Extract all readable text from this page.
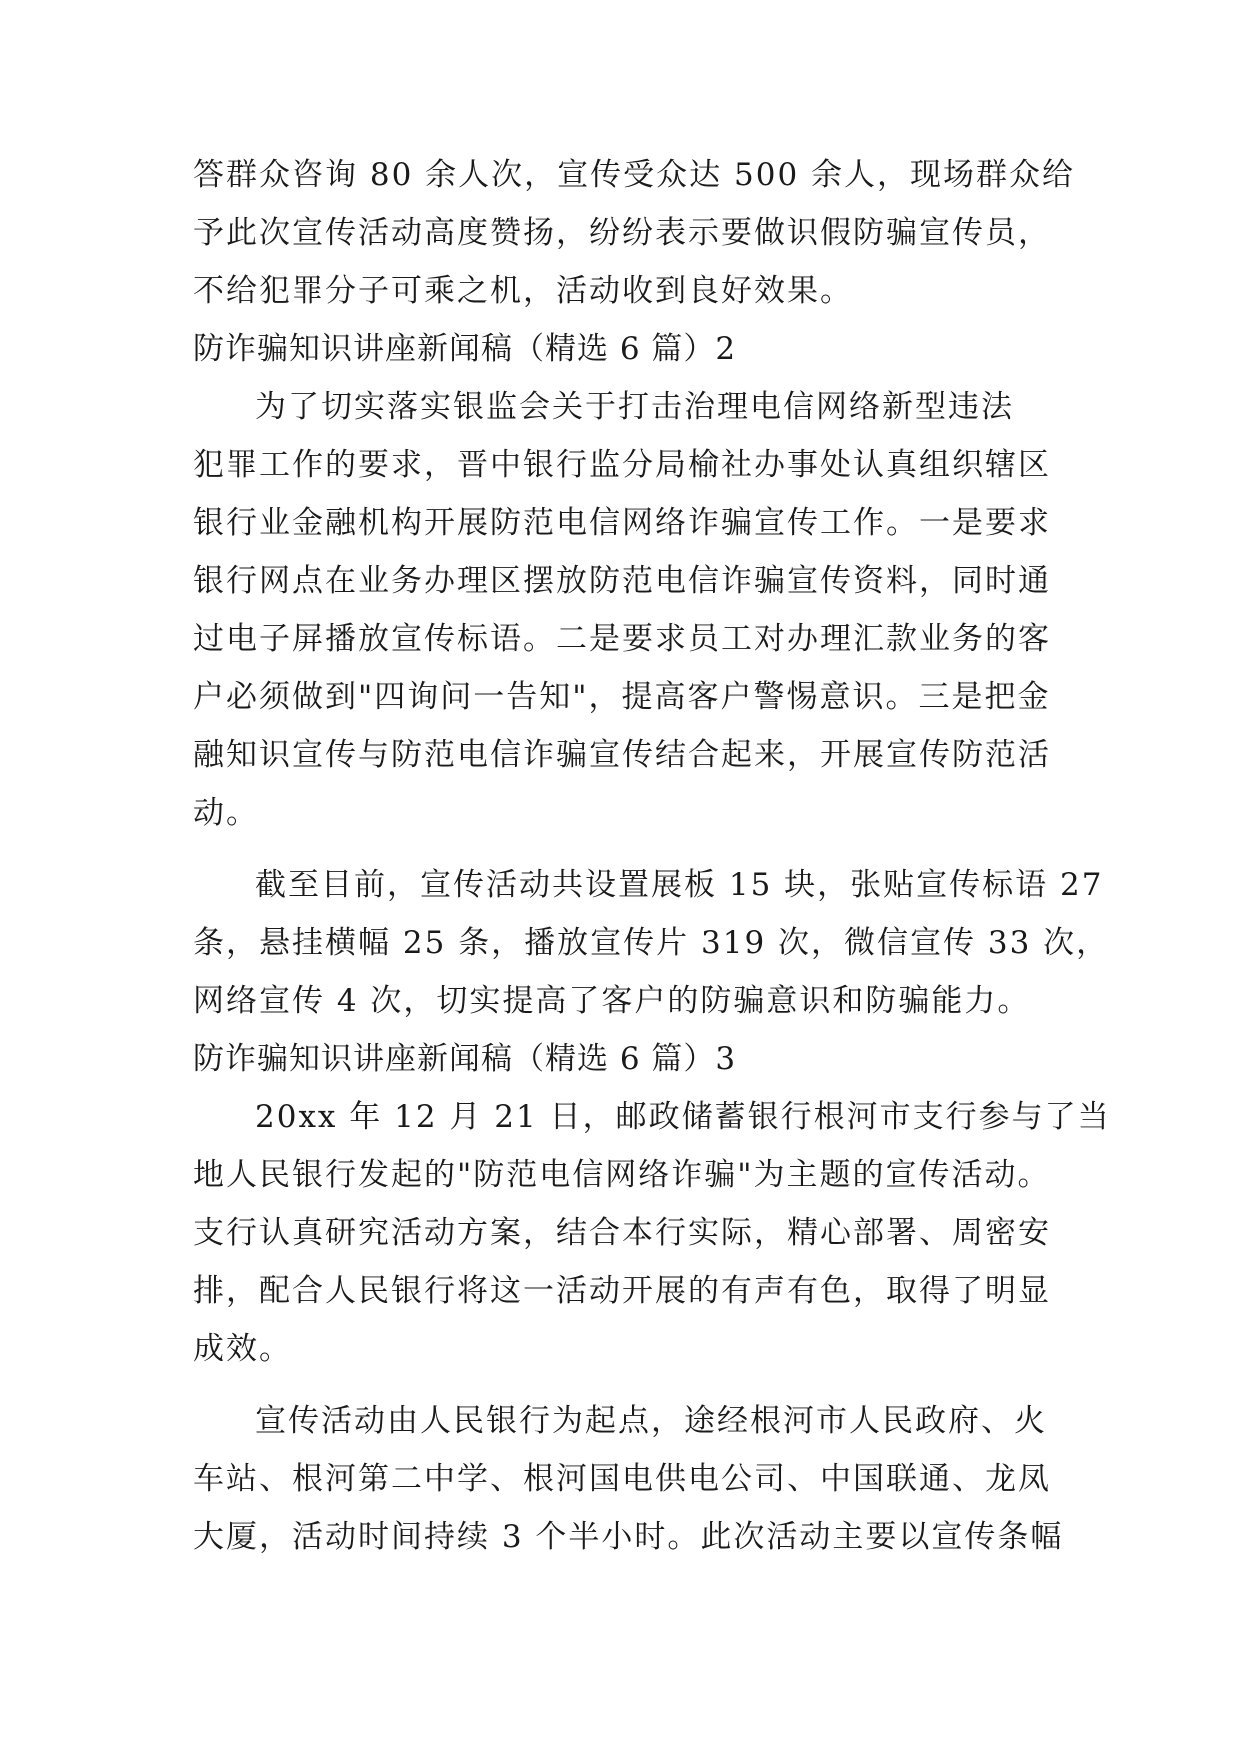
答群众咨询 80 余人次，宣传受众达 500 余人，现场群众给
予此次宣传活动高度赞扬，纷纷表示要做识假防骗宣传员，
不给犯罪分子可乘之机，活动收到良好效果。
防诈骗知识讲座新闻稿（精选 6 篇）2
为了切实落实银监会关于打击治理电信网络新型违法
犯罪工作的要求，晋中银行监分局榆社办事处认真组织辖区
银行业金融机构开展防范电信网络诈骗宣传工作。一是要求
银行网点在业务办理区摆放防范电信诈骗宣传资料，同时通
过电子屏播放宣传标语。二是要求员工对办理汇款业务的客
户必须做到"四询问一告知"，提高客户警惕意识。三是把金
融知识宣传与防范电信诈骗宣传结合起来，开展宣传防范活
动。
截至目前，宣传活动共设置展板 15 块，张贴宣传标语 27
条，悬挂横幅 25 条，播放宣传片 319 次，微信宣传 33 次，
网络宣传 4 次，切实提高了客户的防骗意识和防骗能力。
防诈骗知识讲座新闻稿（精选 6 篇）3
20xx 年 12 月 21 日，邮政储蓄银行根河市支行参与了当
地人民银行发起的"防范电信网络诈骗"为主题的宣传活动。
支行认真研究活动方案，结合本行实际，精心部署、周密安
排，配合人民银行将这一活动开展的有声有色，取得了明显
成效。
宣传活动由人民银行为起点，途经根河市人民政府、火
车站、根河第二中学、根河国电供电公司、中国联通、龙凤
大厦，活动时间持续 3 个半小时。此次活动主要以宣传条幅
